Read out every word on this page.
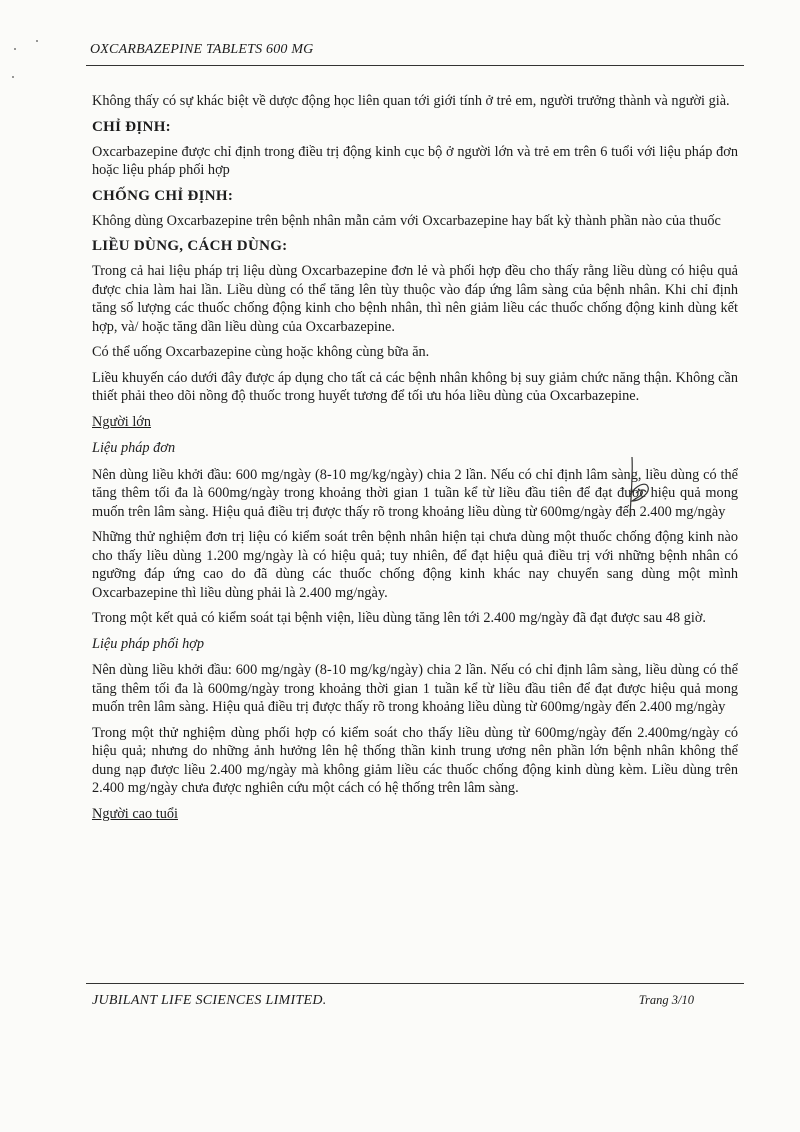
OXCARBAZEPINE TABLETS 600 MG

Không thấy có sự khác biệt về dược động học liên quan tới giới tính ở trẻ em, người trưởng thành và người già.

CHỈ ĐỊNH:

Oxcarbazepine được chỉ định trong điều trị động kinh cục bộ ở người lớn và trẻ em trên 6 tuổi với liệu pháp đơn hoặc liệu pháp phối hợp

CHỐNG CHỈ ĐỊNH:

Không dùng Oxcarbazepine trên bệnh nhân mẫn cảm với Oxcarbazepine hay bất kỳ thành phần nào của thuốc

LIỀU DÙNG, CÁCH DÙNG:

Trong cả hai liệu pháp trị liệu dùng Oxcarbazepine đơn lẻ và phối hợp đều cho thấy rằng liều dùng có hiệu quả được chia làm hai lần. Liều dùng có thể tăng lên tùy thuộc vào đáp ứng lâm sàng của bệnh nhân. Khi chỉ định tăng số lượng các thuốc chống động kinh cho bệnh nhân, thì nên giảm liều các thuốc chống động kinh dùng kết hợp, và/ hoặc tăng dần liều dùng của Oxcarbazepine.

Có thể uống Oxcarbazepine cùng hoặc không cùng bữa ăn.

Liều khuyến cáo dưới đây được áp dụng cho tất cả các bệnh nhân không bị suy giảm chức năng thận. Không cần thiết phải theo dõi nồng độ thuốc trong huyết tương để tối ưu hóa liều dùng của Oxcarbazepine.

Người lớn

Liệu pháp đơn

Nên dùng liều khởi đầu: 600 mg/ngày (8-10 mg/kg/ngày) chia 2 lần. Nếu có chỉ định lâm sàng, liều dùng có thể tăng thêm tối đa là 600mg/ngày trong khoảng thời gian 1 tuần kể từ liều đầu tiên để đạt được hiệu quả mong muốn trên lâm sàng. Hiệu quả điều trị được thấy rõ trong khoảng liều dùng từ 600mg/ngày đến 2.400 mg/ngày

Những thử nghiệm đơn trị liệu có kiểm soát trên bệnh nhân hiện tại chưa dùng một thuốc chống động kinh nào cho thấy liều dùng 1.200 mg/ngày là có hiệu quả; tuy nhiên, để đạt hiệu quả điều trị với những bệnh nhân có ngưỡng đáp ứng cao do đã dùng các thuốc chống động kinh khác nay chuyển sang dùng một mình Oxcarbazepine thì liều dùng phải là 2.400 mg/ngày.

Trong một kết quả có kiểm soát tại bệnh viện, liều dùng tăng lên tới 2.400 mg/ngày đã đạt được sau 48 giờ.

Liệu pháp phối hợp

Nên dùng liều khởi đầu: 600 mg/ngày (8-10 mg/kg/ngày) chia 2 lần. Nếu có chỉ định lâm sàng, liều dùng có thể tăng thêm tối đa là 600mg/ngày trong khoảng thời gian 1 tuần kể từ liều đầu tiên để đạt được hiệu quả mong muốn trên lâm sàng. Hiệu quả điều trị được thấy rõ trong khoảng liều dùng từ 600mg/ngày đến 2.400 mg/ngày

Trong một thử nghiệm dùng phối hợp có kiểm soát cho thấy liều dùng từ 600mg/ngày đến 2.400mg/ngày có hiệu quả; nhưng do những ảnh hưởng lên hệ thống thần kinh trung ương nên phần lớn bệnh nhân không thể dung nạp được liều 2.400 mg/ngày mà không giảm liều các thuốc chống động kinh dùng kèm. Liều dùng trên 2.400 mg/ngày chưa được nghiên cứu một cách có hệ thống trên lâm sàng.

Người cao tuổi

JUBILANT LIFE SCIENCES LIMITED.	Trang 3/10
